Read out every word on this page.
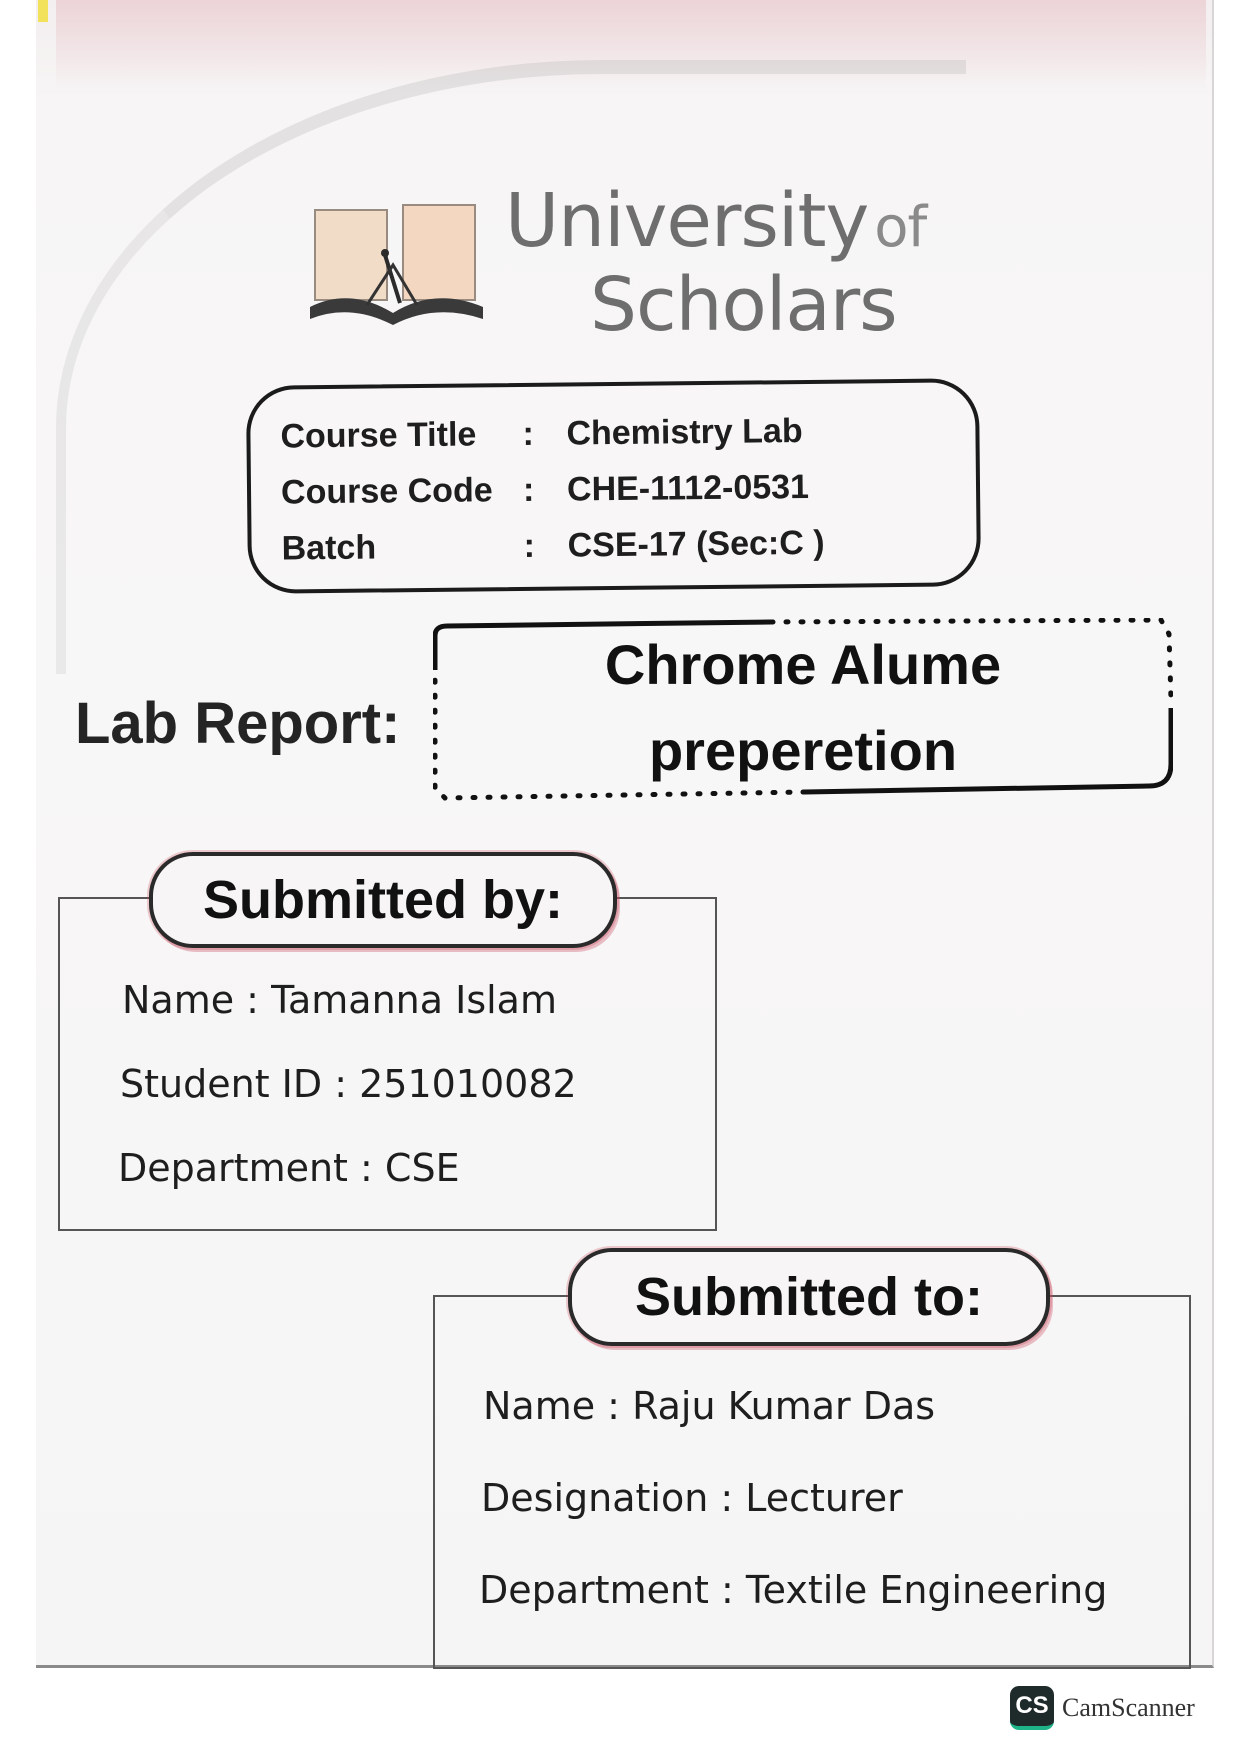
University of
Scholars
Course Title : Chemistry Lab
Course Code : CHE-1112-0531
Batch	: CSE-17 (Sec:C )
Lab Report:
Chrome Alume
preperetion
Submitted by:
Name : Tamanna Islam
Student ID : 251010082
Department : CSE
Submitted to:
Name : Raju Kumar Das
Designation : Lecturer
Department : Textile Engineering
CS CamScanner
